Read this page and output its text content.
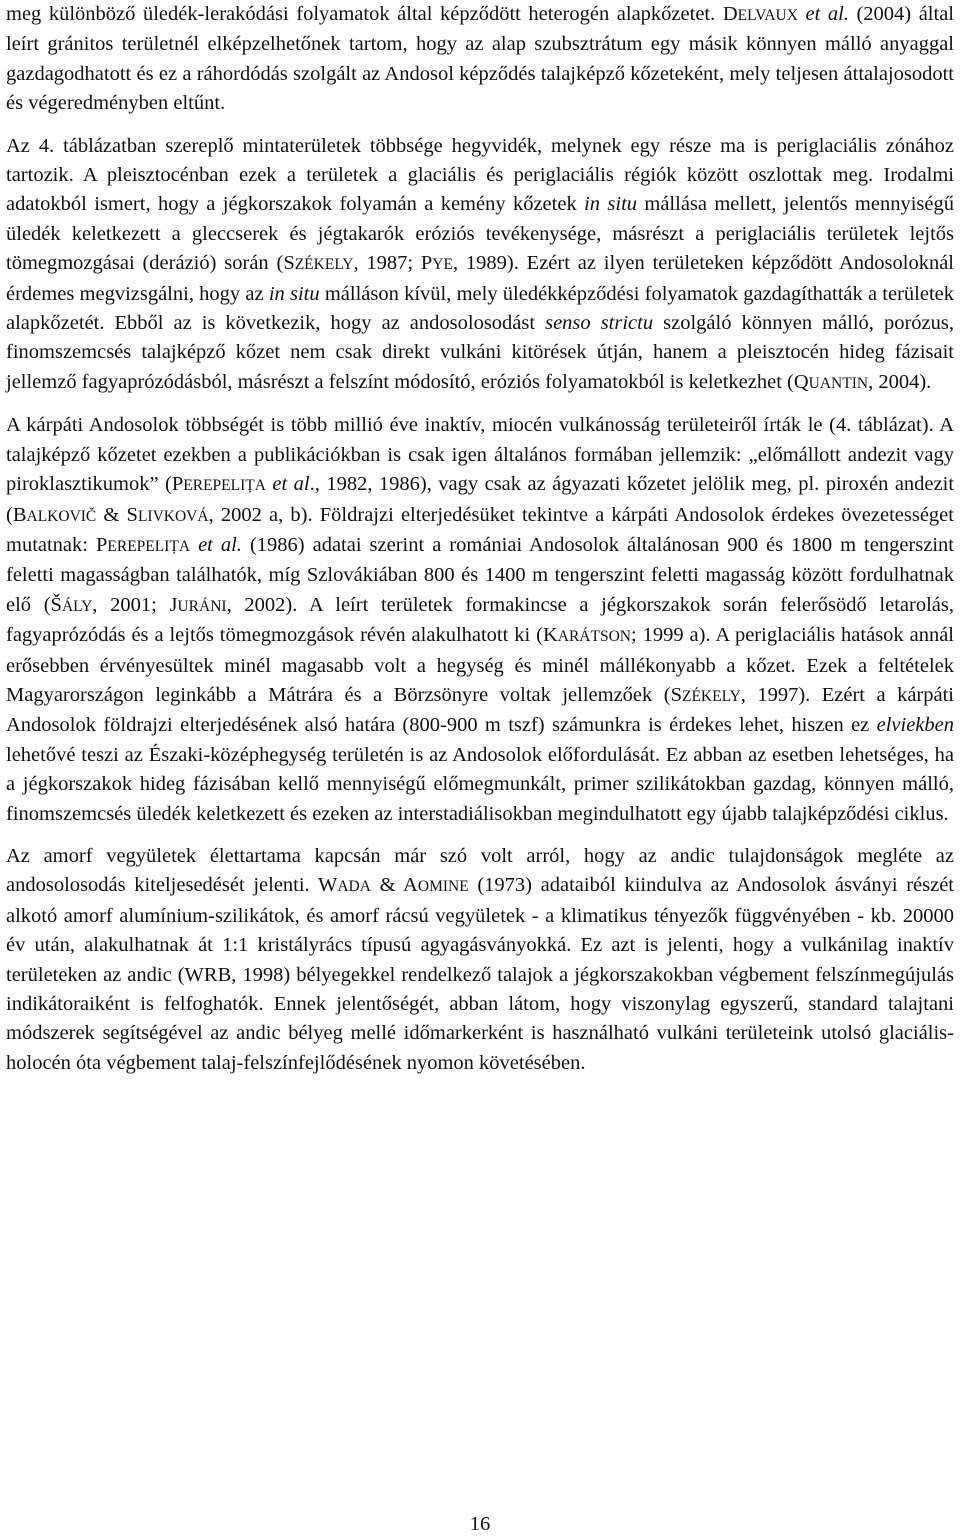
meg különböző üledék-lerakódási folyamatok által képződött heterogén alapkőzetet. DELVAUX et al. (2004) által leírt gránitos területnél elképzelhetőnek tartom, hogy az alap szubsztrátum egy másik könnyen málló anyaggal gazdagodhatott és ez a ráhordódás szolgált az Andosol képződés talajképző kőzeteként, mely teljesen áttalajosodott és végeredményben eltűnt.

Az 4. táblázatban szereplő mintaterületek többsége hegyvidék, melynek egy része ma is periglaciális zónához tartozik. A pleisztocénban ezek a területek a glaciális és periglaciális régiók között oszlottak meg. Irodalmi adatokból ismert, hogy a jégkorszakok folyamán a kemény kőzetek in situ mállása mellett, jelentős mennyiségű üledék keletkezett a gleccserek és jégtakarók eróziós tevékenysége, másrészt a periglaciális területek lejtős tömegmozgásai (derázió) során (SZÉKELY, 1987; PYE, 1989). Ezért az ilyen területeken képződött Andosoloknál érdemes megvizsgálni, hogy az in situ málláson kívül, mely üledékképződési folyamatok gazdagíthatták a területek alapkőzetét. Ebből az is következik, hogy az andosolosodást senso strictu szolgáló könnyen málló, porózus, finomszemcsés talajképző kőzet nem csak direkt vulkáni kitörések útján, hanem a pleisztocén hideg fázisait jellemző fagyaprózódásból, másrészt a felszínt módosító, eróziós folyamatokból is keletkezhet (QUANTIN, 2004).

A kárpáti Andosolok többségét is több millió éve inaktív, miocén vulkánosság területeiről írták le (4. táblázat). A talajképző kőzetet ezekben a publikációkban is csak igen általános formában jellemzik: „előmállott andezit vagy piroklasztikumok” (PEREPELIȚA et al., 1982, 1986), vagy csak az ágyazati kőzetet jelölik meg, pl. piroxén andezit (BALKOVIČ & SLIVKOVÁ, 2002 a, b). Földrajzi elterjedésüket tekintve a kárpáti Andosolok érdekes övezetességet mutatnak: PEREPELIȚA et al. (1986) adatai szerint a romániai Andosolok általánosan 900 és 1800 m tengerszint feletti magasságban találhatók, míg Szlovákiában 800 és 1400 m tengerszint feletti magasság között fordulhatnak elő (ŠÁLY, 2001; JURÁNI, 2002). A leírt területek formakincse a jégkorszakok során felerősödő letarolás, fagyaprózódás és a lejtős tömegmozgások révén alakulhatott ki (KARÁTSON; 1999 a). A periglaciális hatások annál erősebben érvényesültek minél magasabb volt a hegység és minél mállékonyabb a kőzet. Ezek a feltételek Magyarországon leginkább a Mátrára és a Börzsönyre voltak jellemzőek (SZÉKELY, 1997). Ezért a kárpáti Andosolok földrajzi elterjedésének alsó határa (800-900 m tszf) számunkra is érdekes lehet, hiszen ez elviekben lehetővé teszi az Északi-középhegység területén is az Andosolok előfordulását. Ez abban az esetben lehetséges, ha a jégkorszakok hideg fázisában kellő mennyiségű előmegmunkált, primer szilikátokban gazdag, könnyen málló, finomszemcsés üledék keletkezett és ezeken az interstadiálisokban megindulhatott egy újabb talajképződési ciklus.

Az amorf vegyületek élettartama kapcsán már szó volt arról, hogy az andic tulajdonságok megléte az andosolosodás kiteljesedését jelenti. WADA & AOMINE (1973) adataiból kiindulva az Andosolok ásványi részét alkotó amorf alumínium-szilikátok, és amorf rácsú vegyületek - a klimatikus tényezők függvényében - kb. 20000 év után, alakulhatnak át 1:1 kristályrács típusú agyagásványokká. Ez azt is jelenti, hogy a vulkánilag inaktív területeken az andic (WRB, 1998) bélyegekkel rendelkező talajok a jégkorszakokban végbement felszínmegújulás indikátoraiként is felfoghatók. Ennek jelentőségét, abban látom, hogy viszonylag egyszerű, standard talajtani módszerek segítségével az andic bélyeg mellé időmarkerként is használható vulkáni területeink utolsó glaciális- holocén óta végbement talaj-felszínfejlődésének nyomon követésében.

16
